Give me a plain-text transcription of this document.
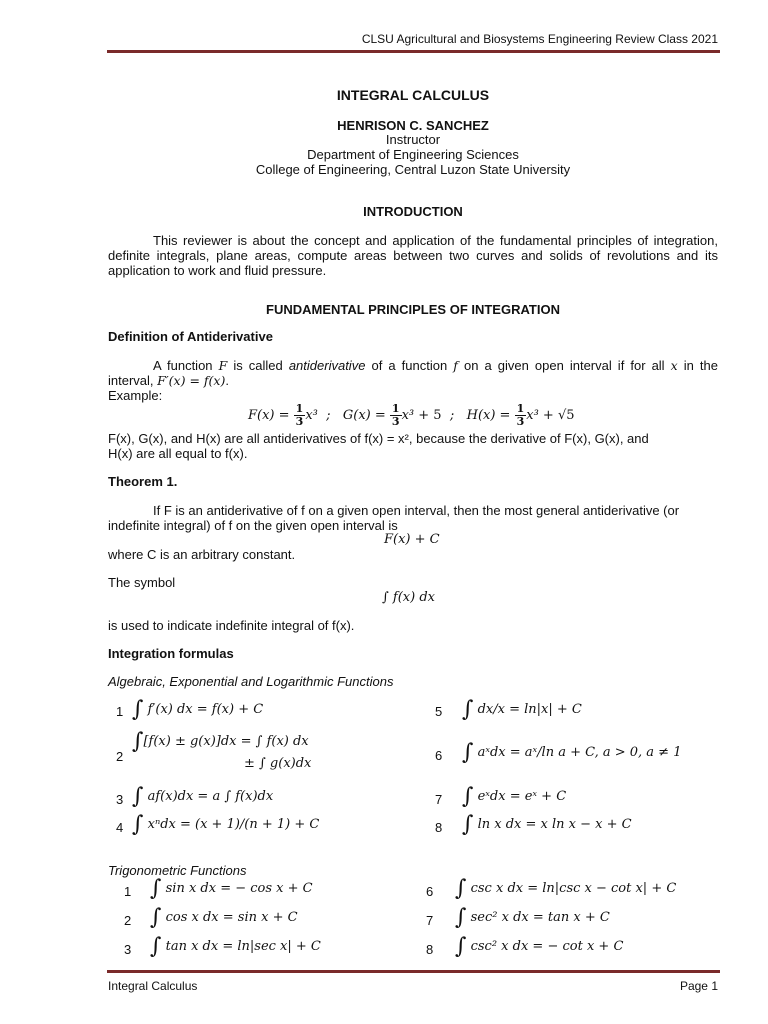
CLSU Agricultural and Biosystems Engineering Review Class 2021
INTEGRAL CALCULUS
HENRISON C. SANCHEZ
Instructor
Department of Engineering Sciences
College of Engineering, Central Luzon State University
INTRODUCTION
This reviewer is about the concept and application of the fundamental principles of integration, definite integrals, plane areas, compute areas between two curves and solids of revolutions and its application to work and fluid pressure.
FUNDAMENTAL PRINCIPLES OF INTEGRATION
Definition of Antiderivative
A function F is called antiderivative of a function f on a given open interval if for all x in the interval, F′(x) = f(x).
Example:
$F(x) = \frac{1}{3} x^3$  ;   $G(x) = \frac{1}{3} x^3 + 5$  ;   $H(x) = \frac{1}{3} x^3 + √5$
F(x), G(x), and H(x) are all antiderivatives of f(x) = x², because the derivative of F(x), G(x), and
H(x) are all equal to f(x).
Theorem 1.
If F is an antiderivative of f on a given open interval, then the most general antiderivative (or
indefinite integral) of f on the given open interval is
F(x) + C
where C is an arbitrary constant.
The symbol
∫ f(x) dx
is used to indicate indefinite integral of f(x).
Integration formulas
Algebraic, Exponential and Logarithmic Functions
1 ∫ f′(x) dx = f(x) + C
2
∫[f(x) ± g(x)]dx = ∫ f(x) dx
± ∫ g(x)dx
3 ∫ af(x)dx = a ∫ f(x)dx
4 ∫ xⁿdx = (x + 1)/(n + 1) + C
5 ∫ dx/x = ln|x| + C
6 ∫ aˣdx = aˣ/ln a + C, a > 0, a ≠ 1
7 ∫ eˣdx = eˣ + C
8 ∫ ln x dx = x ln x − x + C
Trigonometric Functions
1 ∫ sin x dx = − cos x + C
2 ∫ cos x dx = sin x + C
3 ∫ tan x dx = ln|sec x| + C
6 ∫ csc x dx = ln|csc x − cot x| + C
7 ∫ sec² x dx = tan x + C
8 ∫ csc² x dx = − cot x + C
Integral Calculus	Page 1
